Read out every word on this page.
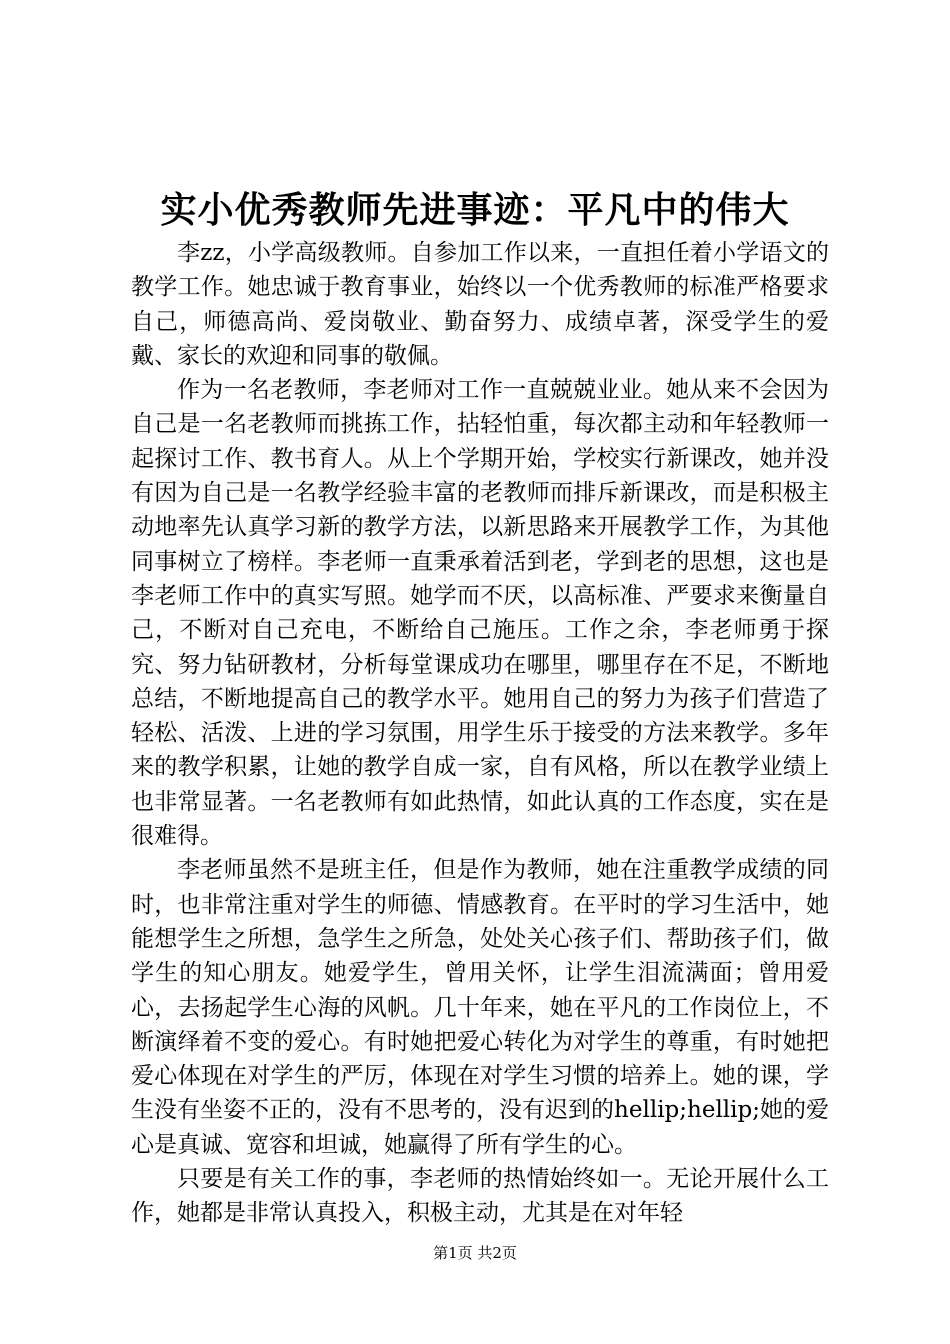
实小优秀教师先进事迹：平凡中的伟大

李zz，小学高级教师。自参加工作以来，一直担任着小学语文的教学工作。她忠诚于教育事业，始终以一个优秀教师的标准严格要求自己，师德高尚、爱岗敬业、勤奋努力、成绩卓著，深受学生的爱戴、家长的欢迎和同事的敬佩。

作为一名老教师，李老师对工作一直兢兢业业。她从来不会因为自己是一名老教师而挑拣工作，拈轻怕重，每次都主动和年轻教师一起探讨工作、教书育人。从上个学期开始，学校实行新课改，她并没有因为自己是一名教学经验丰富的老教师而排斥新课改，而是积极主动地率先认真学习新的教学方法，以新思路来开展教学工作，为其他同事树立了榜样。李老师一直秉承着活到老，学到老的思想，这也是李老师工作中的真实写照。她学而不厌，以高标准、严要求来衡量自己，不断对自己充电，不断给自己施压。工作之余，李老师勇于探究、努力钻研教材，分析每堂课成功在哪里，哪里存在不足，不断地总结，不断地提高自己的教学水平。她用自己的努力为孩子们营造了轻松、活泼、上进的学习氛围，用学生乐于接受的方法来教学。多年来的教学积累，让她的教学自成一家，自有风格，所以在教学业绩上也非常显著。一名老教师有如此热情，如此认真的工作态度，实在是很难得。

李老师虽然不是班主任，但是作为教师，她在注重教学成绩的同时，也非常注重对学生的师德、情感教育。在平时的学习生活中，她能想学生之所想，急学生之所急，处处关心孩子们、帮助孩子们，做学生的知心朋友。她爱学生，曾用关怀，让学生泪流满面；曾用爱心，去扬起学生心海的风帆。几十年来，她在平凡的工作岗位上，不断演绎着不变的爱心。有时她把爱心转化为对学生的尊重，有时她把爱心体现在对学生的严厉，体现在对学生习惯的培养上。她的课，学生没有坐姿不正的，没有不思考的，没有迟到的hellip;hellip;她的爱心是真诚、宽容和坦诚，她赢得了所有学生的心。

只要是有关工作的事，李老师的热情始终如一。无论开展什么工作，她都是非常认真投入，积极主动，尤其是在对年轻

第1页 共2页
